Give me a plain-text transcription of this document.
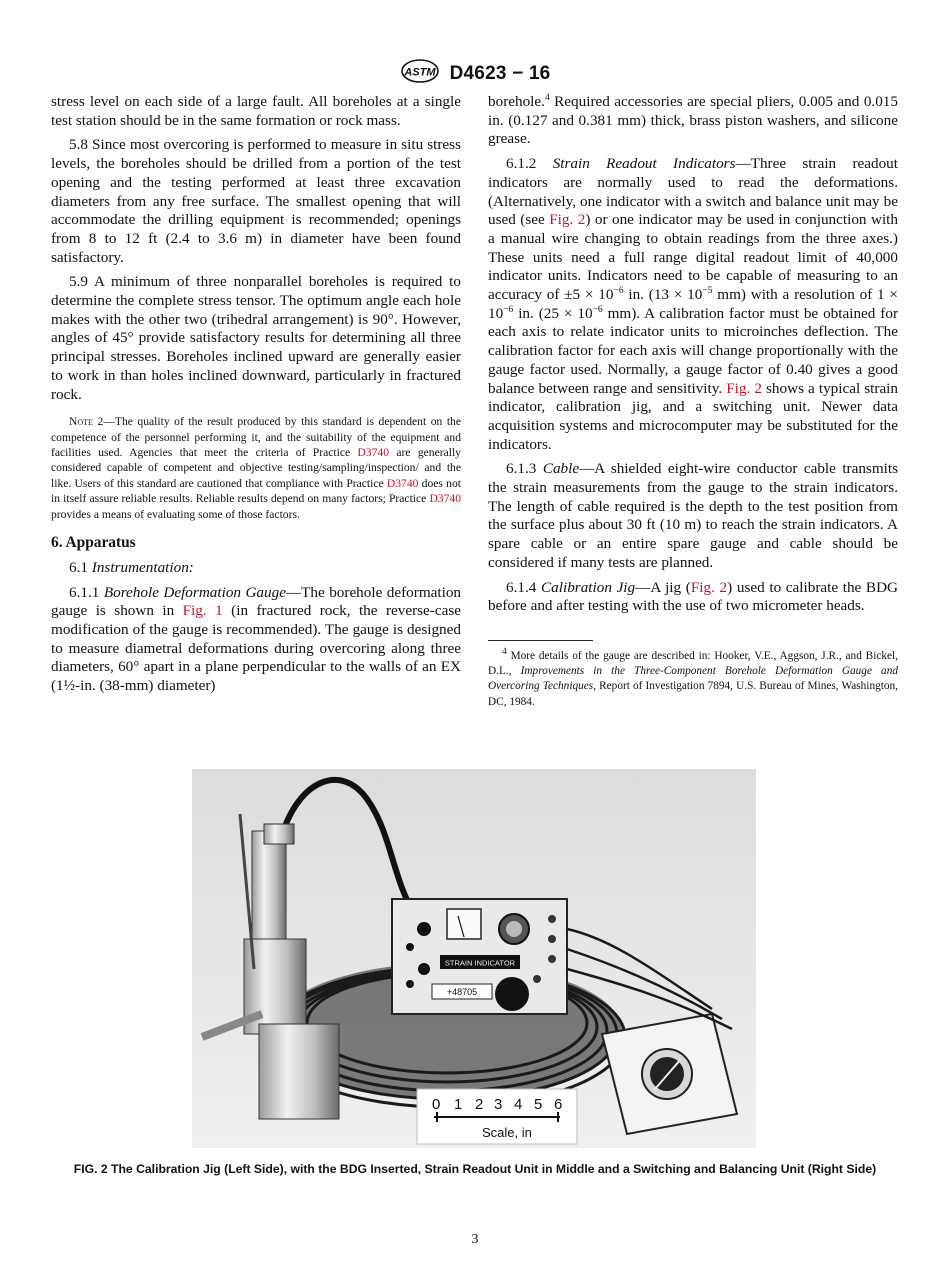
ASTM D4623 − 16

stress level on each side of a large fault. All boreholes at a single test station should be in the same formation or rock mass.

5.8 Since most overcoring is performed to measure in situ stress levels, the boreholes should be drilled from a portion of the test opening and the testing performed at least three excavation diameters from any free surface. The smallest opening that will accommodate the drilling equipment is recommended; openings from 8 to 12 ft (2.4 to 3.6 m) in diameter have been found satisfactory.

5.9 A minimum of three nonparallel boreholes is required to determine the complete stress tensor. The optimum angle each hole makes with the other two (trihedral arrangement) is 90°. However, angles of 45° provide satisfactory results for determining all three principal stresses. Boreholes inclined upward are generally easier to work in than holes inclined downward, particularly in fractured rock.

Note 2—The quality of the result produced by this standard is dependent on the competence of the personnel performing it, and the suitability of the equipment and facilities used. Agencies that meet the criteria of Practice D3740 are generally considered capable of competent and objective testing/sampling/inspection/ and the like. Users of this standard are cautioned that compliance with Practice D3740 does not in itself assure reliable results. Reliable results depend on many factors; Practice D3740 provides a means of evaluating some of those factors.

6. Apparatus

6.1 Instrumentation:

6.1.1 Borehole Deformation Gauge—The borehole deformation gauge is shown in Fig. 1 (in fractured rock, the reverse-case modification of the gauge is recommended). The gauge is designed to measure diametral deformations during overcoring along three diameters, 60° apart in a plane perpendicular to the walls of an EX (1½-in. (38-mm) diameter)

borehole.$^4$ Required accessories are special pliers, 0.005 and 0.015 in. (0.127 and 0.381 mm) thick, brass piston washers, and silicone grease.

6.1.2 Strain Readout Indicators—Three strain readout indicators are normally used to read the deformations. (Alternatively, one indicator with a switch and balance unit may be used (see Fig. 2) or one indicator may be used in conjunction with a manual wire changing to obtain readings from the three axes.) These units need a full range digital readout limit of 40,000 indicator units. Indicators need to be capable of measuring to an accuracy of $\pm 5 \times 10^{-6}$ in. ($13 \times 10^{-5}$ mm) with a resolution of $1 \times 10^{-6}$ in. ($25 \times 10^{-6}$ mm). A calibration factor must be obtained for each axis to relate indicator units to microinches deflection. The calibration factor for each axis will change proportionally with the gauge factor used. Normally, a gauge factor of 0.40 gives a good balance between range and sensitivity. Fig. 2 shows a typical strain indicator, calibration jig, and a switching unit. Newer data acquisition systems and microcomputer may be substituted for the indicators.

6.1.3 Cable—A shielded eight-wire conductor cable transmits the strain measurements from the gauge to the strain indicators. The length of cable required is the depth to the test position from the surface plus about 30 ft (10 m) to reach the strain indicators. A spare cable or an entire spare gauge and cable should be considered if many tests are planned.

6.1.4 Calibration Jig—A jig (Fig. 2) used to calibrate the BDG before and after testing with the use of two micrometer heads.

$^4$ More details of the gauge are described in: Hooker, V.E., Aggson, J.R., and Bickel, D.L., Improvements in the Three-Component Borehole Deformation Gauge and Overcoring Techniques, Report of Investigation 7894, U.S. Bureau of Mines, Washington, DC, 1984.

STRAIN INDICATOR
+48705
0 1 2 3 4 5 6
Scale, in
FIG. 2 The Calibration Jig (Left Side), with the BDG Inserted, Strain Readout Unit in Middle and a Switching and Balancing Unit (Right Side)
3
